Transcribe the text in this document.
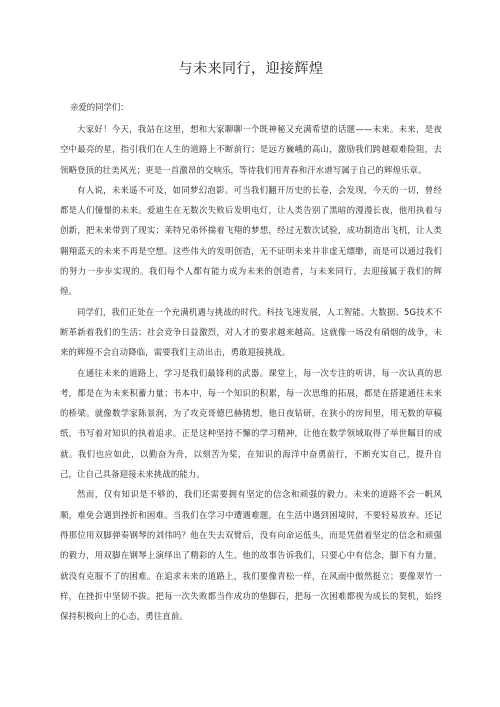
与未来同行，迎接辉煌

亲爱的同学们：

大家好！今天，我站在这里，想和大家聊聊一个既神秘又充满希望的话题——未来。未来，是夜空中最亮的星，指引我们在人生的道路上不断前行；是远方巍峨的高山，激励我们跨越艰难险阻，去领略登顶的壮美风光；更是一首激昂的交响乐，等待我们用青春和汗水谱写属于自己的辉煌乐章。

有人说，未来遥不可及，如同梦幻泡影。可当我们翻开历史的长卷，会发现，今天的一切，曾经都是人们憧憬的未来。爱迪生在无数次失败后发明电灯，让人类告别了黑暗的漫漫长夜，他用执着与创新，把未来带到了现实；莱特兄弟怀揣着飞翔的梦想，经过无数次试验，成功制造出飞机，让人类翱翔蓝天的未来不再是空想。这些伟大的发明创造，无不证明未来并非虚无缥缈，而是可以通过我们的努力一步步实现的。我们每个人都有能力成为未来的创造者，与未来同行，去迎接属于我们的辉煌。

同学们，我们正处在一个充满机遇与挑战的时代。科技飞速发展，人工智能、大数据、5G技术不断革新着我们的生活；社会竞争日益激烈，对人才的要求越来越高。这就像一场没有硝烟的战争，未来的辉煌不会自动降临，需要我们主动出击，勇敢迎接挑战。

在通往未来的道路上，学习是我们最锋利的武器。课堂上，每一次专注的听讲，每一次认真的思考，都是在为未来积蓄力量；书本中，每一个知识的积累，每一次思维的拓展，都是在搭建通往未来的桥梁。就像数学家陈景润，为了攻克哥德巴赫猜想，他日夜钻研，在狭小的房间里，用无数的草稿纸，书写着对知识的执着追求。正是这种坚持不懈的学习精神，让他在数学领域取得了举世瞩目的成就。我们也应如此，以勤奋为舟，以刻苦为桨，在知识的海洋中奋勇前行，不断充实自己，提升自己，让自己具备迎接未来挑战的能力。

然而，仅有知识是不够的，我们还需要拥有坚定的信念和顽强的毅力。未来的道路不会一帆风顺，难免会遇到挫折和困难。当我们在学习中遭遇难题，在生活中遇到困境时，不要轻易放弃。还记得那位用双脚弹奏钢琴的刘伟吗？他在失去双臂后，没有向命运低头，而是凭借着坚定的信念和顽强的毅力，用双脚在钢琴上演绎出了精彩的人生。他的故事告诉我们，只要心中有信念，脚下有力量，就没有克服不了的困难。在追求未来的道路上，我们要像青松一样，在风雨中傲然挺立；要像翠竹一样，在挫折中坚韧不拔。把每一次失败都当作成功的垫脚石，把每一次困难都视为成长的契机，始终保持积极向上的心态，勇往直前。
